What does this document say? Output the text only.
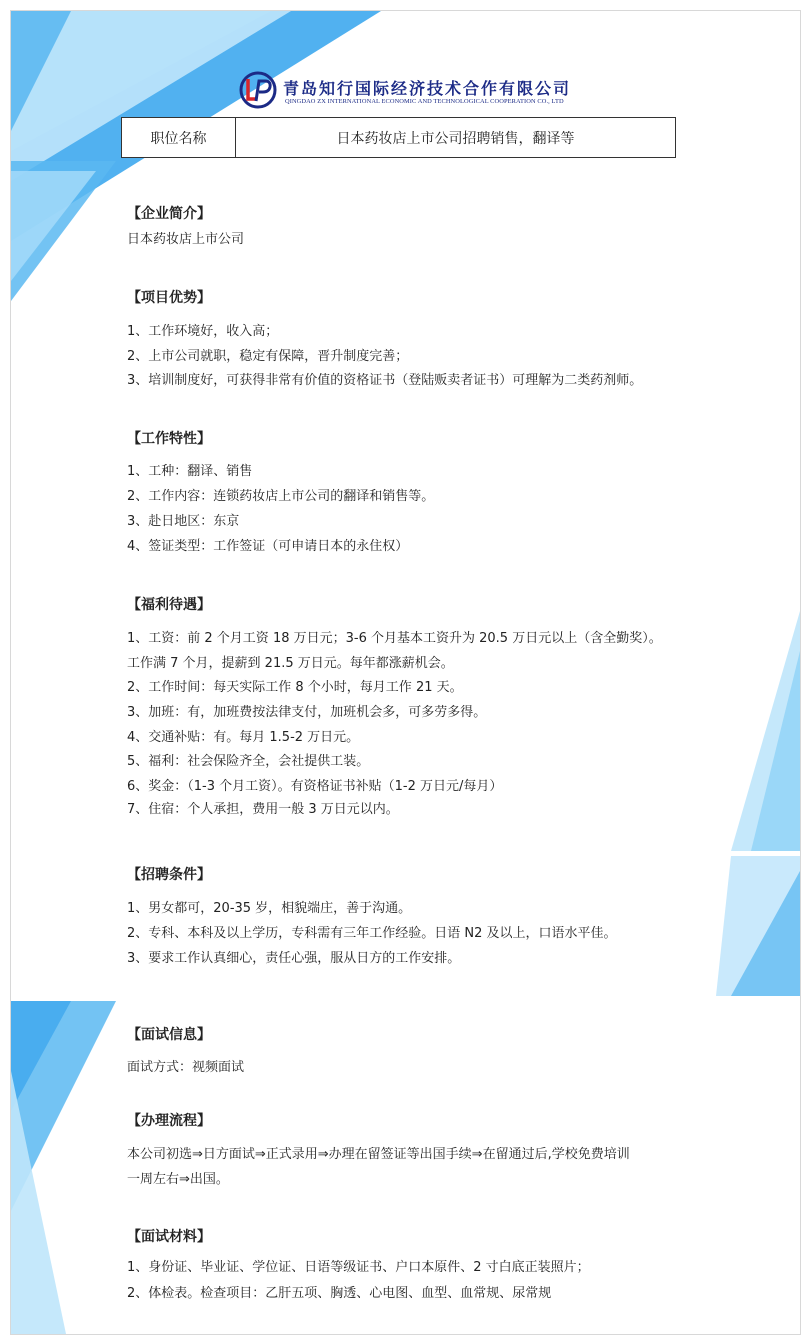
青岛知行国际经济技术合作有限公司
QINGDAO ZX INTERNATIONAL ECONOMIC AND TECHNOLOGICAL COOPERATION CO., LTD
职位名称	日本药妆店上市公司招聘销售，翻译等
【企业简介】
日本药妆店上市公司
【项目优势】
1、工作环境好，收入高；
2、上市公司就职，稳定有保障，晋升制度完善；
3、培训制度好，可获得非常有价值的资格证书（登陆贩卖者证书）可理解为二类药剂师。
【工作特性】
1、工种：翻译、销售
2、工作内容：连锁药妆店上市公司的翻译和销售等。
3、赴日地区：东京
4、签证类型：工作签证（可申请日本的永住权）
【福利待遇】
1、工资：前 2 个月工资 18 万日元；3-6 个月基本工资升为 20.5 万日元以上（含全勤奖）。
工作满 7 个月，提薪到 21.5 万日元。每年都涨薪机会。
2、工作时间：每天实际工作 8 个小时，每月工作 21 天。
3、加班：有，加班费按法律支付，加班机会多，可多劳多得。
4、交通补贴：有。每月 1.5-2 万日元。
5、福利：社会保险齐全，会社提供工装。
6、奖金：（1-3 个月工资）。有资格证书补贴（1-2 万日元/每月）
7、住宿：个人承担，费用一般 3 万日元以内。
【招聘条件】
1、男女都可，20-35 岁，相貌端庄，善于沟通。
2、专科、本科及以上学历，专科需有三年工作经验。日语 N2 及以上，口语水平佳。
3、要求工作认真细心，责任心强，服从日方的工作安排。
【面试信息】
面试方式：视频面试
【办理流程】
本公司初选⇒日方面试⇒正式录用⇒办理在留签证等出国手续⇒在留通过后,学校免费培训
一周左右⇒出国。
【面试材料】
1、身份证、毕业证、学位证、日语等级证书、户口本原件、2 寸白底正装照片；
2、体检表。检查项目：乙肝五项、胸透、心电图、血型、血常规、尿常规
